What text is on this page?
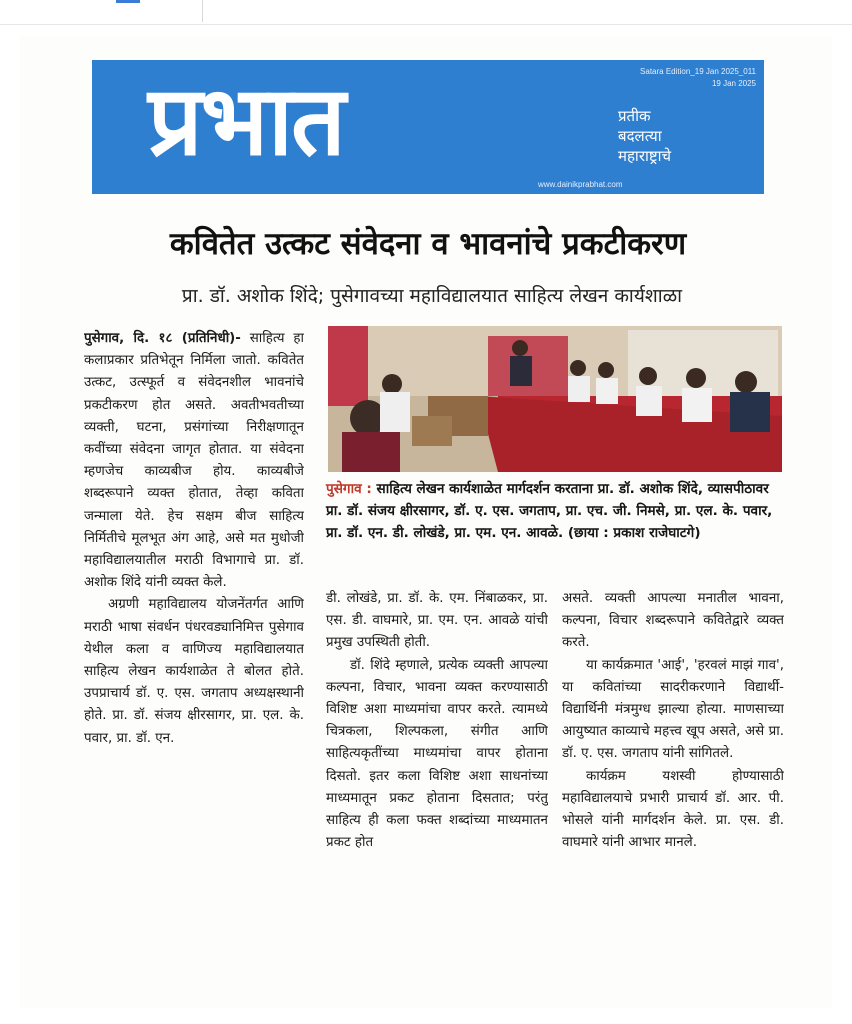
प्रभात	प्रतीक
बदलत्या
महाराष्ट्राचे
Satara Edition_19 Jan 2025_011
19 Jan 2025
www.dainikprabhat.com
कवितेत उत्कट संवेदना व भावनांचे प्रकटीकरण
प्रा. डॉ. अशोक शिंदे; पुसेगावच्या महाविद्यालयात साहित्य लेखन कार्यशाळा

पुसेगाव, दि. १८ (प्रतिनिधी)- साहित्य हा कलाप्रकार प्रतिभेतून निर्मिला जातो. कवितेत उत्कट, उत्स्फूर्त व संवेदनशील भावनांचे प्रकटीकरण होत असते. अवतीभवतीच्या व्यक्ती, घटना, प्रसंगांच्या निरीक्षणातून कवींच्या संवेदना जागृत होतात. या संवेदना म्हणजेच काव्यबीज होय. काव्यबीजे शब्दरूपाने व्यक्त होतात, तेव्हा कविता जन्माला येते. हेच सक्षम बीज साहित्य निर्मितीचे मूलभूत अंग आहे, असे मत मुधोजी महाविद्यालयातील मराठी विभागाचे प्रा. डॉ. अशोक शिंदे यांनी व्यक्त केले.

अग्रणी महाविद्यालय योजनेंतर्गत आणि मराठी भाषा संवर्धन पंधरवड्यानिमित्त पुसेगाव येथील कला व वाणिज्य महाविद्यालयात साहित्य लेखन कार्यशाळेत ते बोलत होते. उपप्राचार्य डॉ. ए. एस. जगताप अध्यक्षस्थानी होते. प्रा. डॉ. संजय क्षीरसागर, प्रा. एल. के. पवार, प्रा. डॉ. एन.

पुसेगाव : साहित्य लेखन कार्यशाळेत मार्गदर्शन करताना प्रा. डॉ. अशोक शिंदे, व्यासपीठावर प्रा. डॉ. संजय क्षीरसागर, डॉ. ए. एस. जगताप, प्रा. एच. जी. निमसे, प्रा. एल. के. पवार, प्रा. डॉ. एन. डी. लोखंडे, प्रा. एम. एन. आवळे. (छाया : प्रकाश राजेघाटगे)

डी. लोखंडे, प्रा. डॉ. के. एम. निंबाळकर, प्रा. एस. डी. वाघमारे, प्रा. एम. एन. आवळे यांची प्रमुख उपस्थिती होती.

डॉ. शिंदे म्हणाले, प्रत्येक व्यक्ती आपल्या कल्पना, विचार, भावना व्यक्त करण्यासाठी विशिष्ट अशा माध्यमांचा वापर करते. त्यामध्ये चित्रकला, शिल्पकला, संगीत आणि साहित्यकृतींच्या माध्यमांचा वापर होताना दिसतो. इतर कला विशिष्ट अशा साधनांच्या माध्यमातून प्रकट होताना दिसतात; परंतु साहित्य ही कला फक्त शब्दांच्या माध्यमातन प्रकट होत

असते. व्यक्ती आपल्या मनातील भावना, कल्पना, विचार शब्दरूपाने कवितेद्वारे व्यक्त करते.

या कार्यक्रमात 'आई', 'हरवलं माझं गाव', या कवितांच्या सादरीकरणाने विद्यार्थी-विद्यार्थिनी मंत्रमुग्ध झाल्या होत्या. माणसाच्या आयुष्यात काव्याचे महत्त्व खूप असते, असे प्रा. डॉ. ए. एस. जगताप यांनी सांगितले.

कार्यक्रम यशस्वी होण्यासाठी महाविद्यालयाचे प्रभारी प्राचार्य डॉ. आर. पी. भोसले यांनी मार्गदर्शन केले. प्रा. एस. डी. वाघमारे यांनी आभार मानले.
